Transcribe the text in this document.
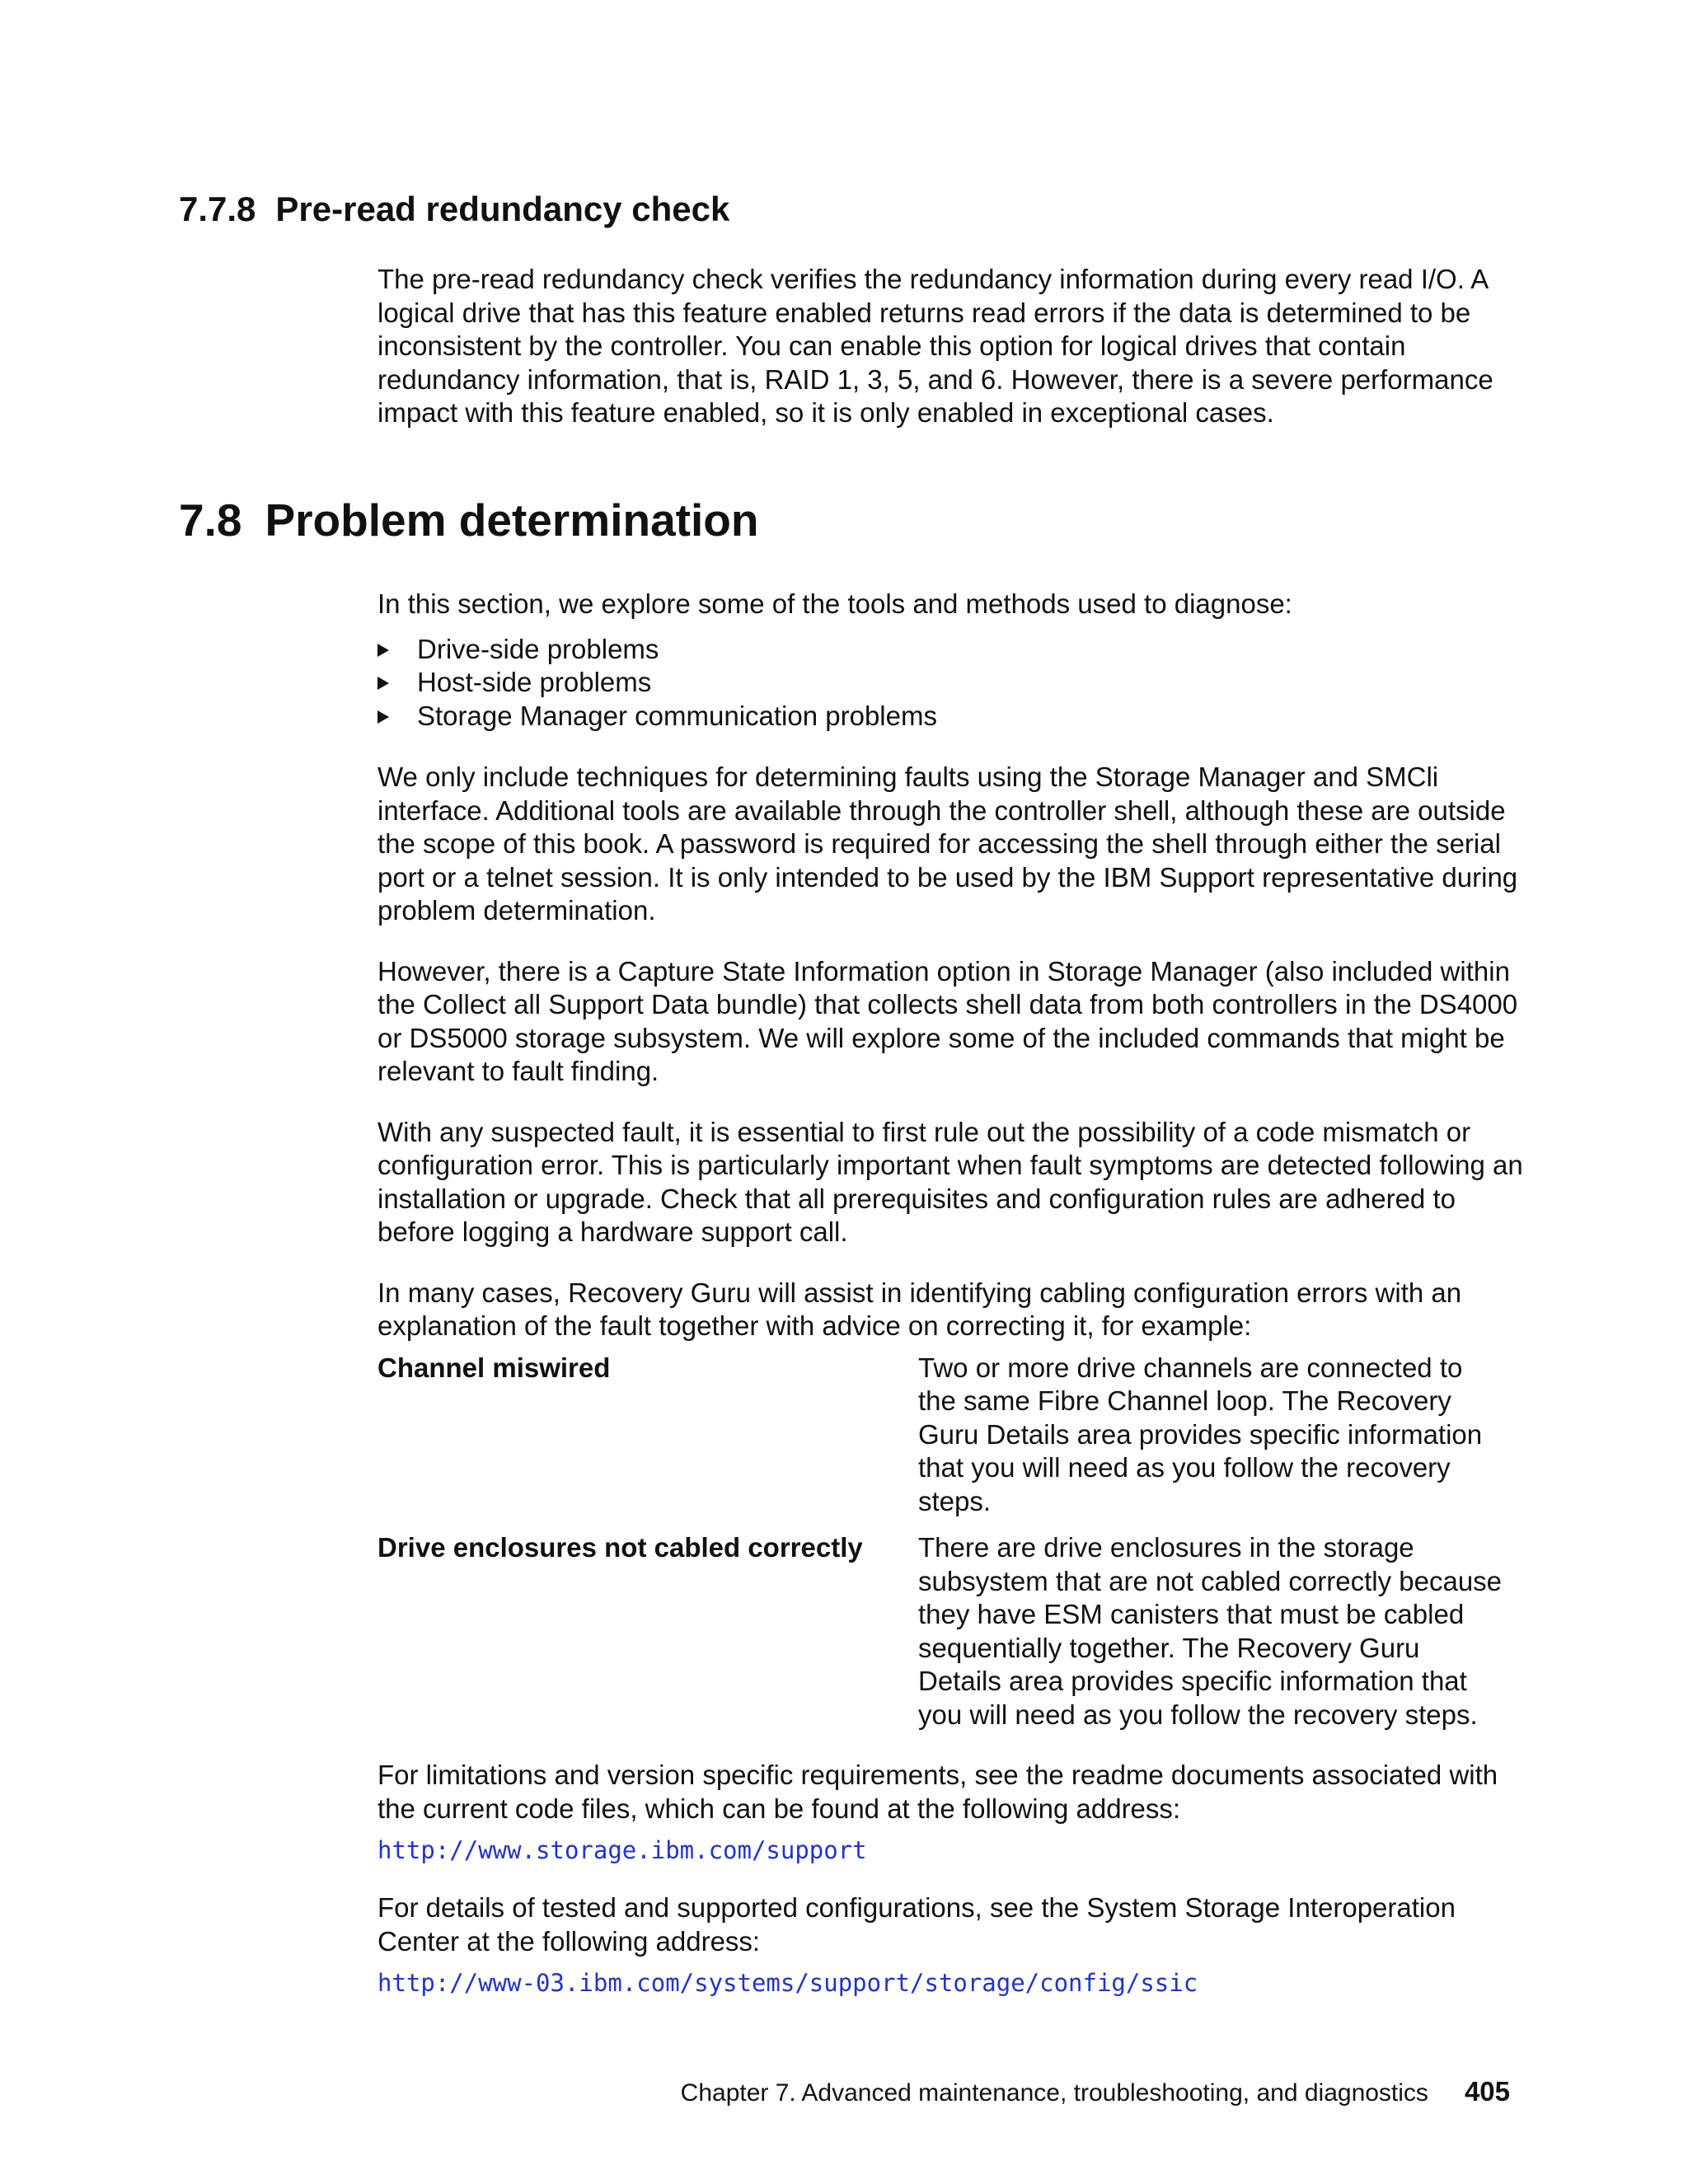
7.7.8 Pre-read redundancy check

The pre-read redundancy check verifies the redundancy information during every read I/O. A logical drive that has this feature enabled returns read errors if the data is determined to be inconsistent by the controller. You can enable this option for logical drives that contain redundancy information, that is, RAID 1, 3, 5, and 6. However, there is a severe performance impact with this feature enabled, so it is only enabled in exceptional cases.

7.8 Problem determination

In this section, we explore some of the tools and methods used to diagnose:

Drive-side problems
Host-side problems
Storage Manager communication problems

We only include techniques for determining faults using the Storage Manager and SMCli interface. Additional tools are available through the controller shell, although these are outside the scope of this book. A password is required for accessing the shell through either the serial port or a telnet session. It is only intended to be used by the IBM Support representative during problem determination.

However, there is a Capture State Information option in Storage Manager (also included within the Collect all Support Data bundle) that collects shell data from both controllers in the DS4000 or DS5000 storage subsystem. We will explore some of the included commands that might be relevant to fault finding.

With any suspected fault, it is essential to first rule out the possibility of a code mismatch or configuration error. This is particularly important when fault symptoms are detected following an installation or upgrade. Check that all prerequisites and configuration rules are adhered to before logging a hardware support call.

In many cases, Recovery Guru will assist in identifying cabling configuration errors with an explanation of the fault together with advice on correcting it, for example:

Channel miswired	Two or more drive channels are connected to the same Fibre Channel loop. The Recovery Guru Details area provides specific information that you will need as you follow the recovery steps.
Drive enclosures not cabled correctly	There are drive enclosures in the storage subsystem that are not cabled correctly because they have ESM canisters that must be cabled sequentially together. The Recovery Guru Details area provides specific information that you will need as you follow the recovery steps.

For limitations and version specific requirements, see the readme documents associated with the current code files, which can be found at the following address:

http://www.storage.ibm.com/support

For details of tested and supported configurations, see the System Storage Interoperation Center at the following address:

http://www-03.ibm.com/systems/support/storage/config/ssic
Chapter 7. Advanced maintenance, troubleshooting, and diagnostics 405
